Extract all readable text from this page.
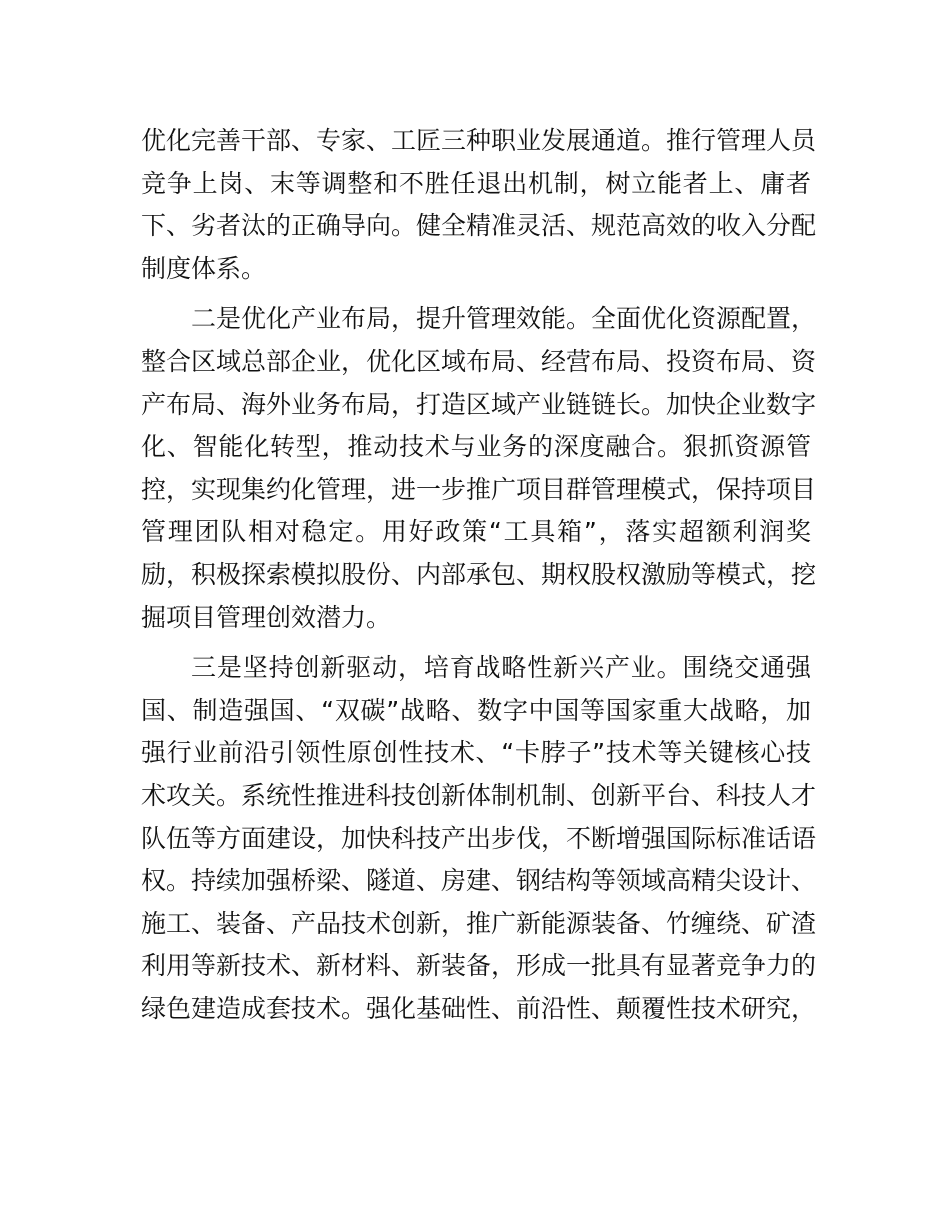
优化完善干部、专家、工匠三种职业发展通道。推行管理人员
竞争上岗、末等调整和不胜任退出机制，树立能者上、庸者
下、劣者汰的正确导向。健全精准灵活、规范高效的收入分配
制度体系。
二是优化产业布局，提升管理效能。全面优化资源配置，
整合区域总部企业，优化区域布局、经营布局、投资布局、资
产布局、海外业务布局，打造区域产业链链长。加快企业数字
化、智能化转型，推动技术与业务的深度融合。狠抓资源管
控，实现集约化管理，进一步推广项目群管理模式，保持项目
管理团队相对稳定。用好政策“工具箱”，落实超额利润奖
励，积极探索模拟股份、内部承包、期权股权激励等模式，挖
掘项目管理创效潜力。
三是坚持创新驱动，培育战略性新兴产业。围绕交通强
国、制造强国、“双碳”战略、数字中国等国家重大战略，加
强行业前沿引领性原创性技术、“卡脖子”技术等关键核心技
术攻关。系统性推进科技创新体制机制、创新平台、科技人才
队伍等方面建设，加快科技产出步伐，不断增强国际标准话语
权。持续加强桥梁、隧道、房建、钢结构等领域高精尖设计、
施工、装备、产品技术创新，推广新能源装备、竹缠绕、矿渣
利用等新技术、新材料、新装备，形成一批具有显著竞争力的
绿色建造成套技术。强化基础性、前沿性、颠覆性技术研究，
